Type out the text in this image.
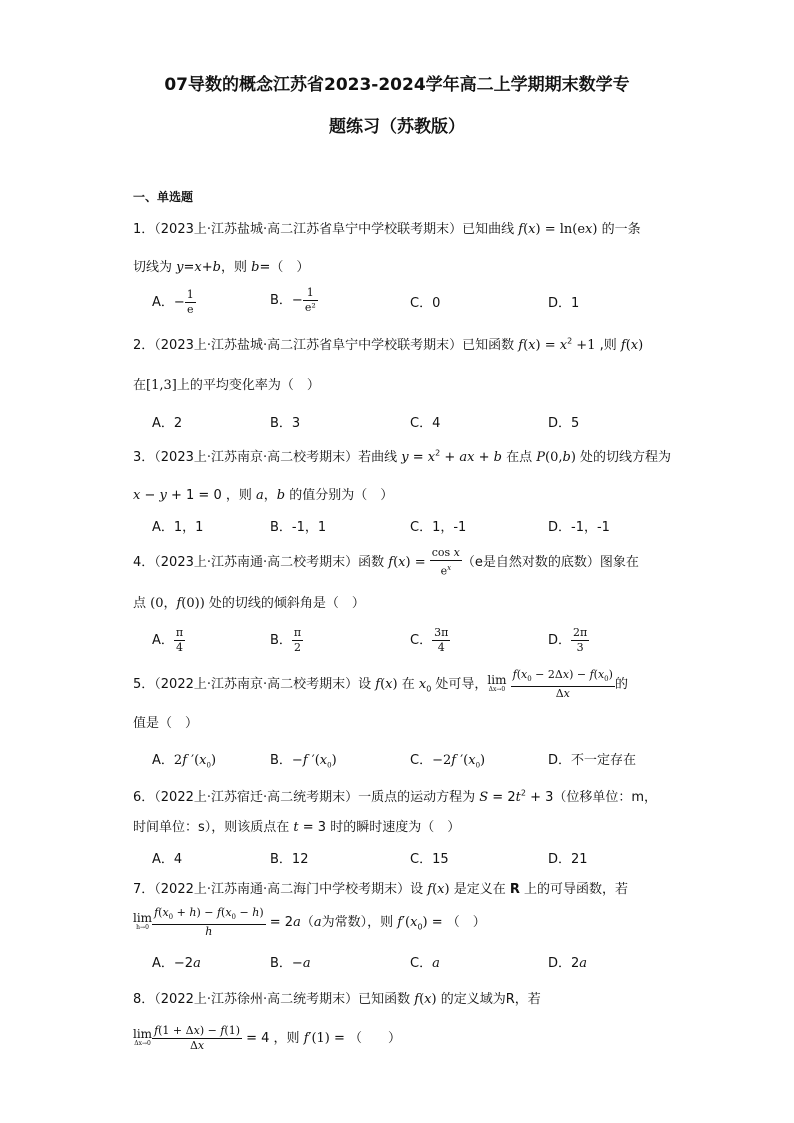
07导数的概念江苏省2023-2024学年高二上学期期末数学专
题练习（苏教版）
一、单选题
1．（2023上·江苏盐城·高二江苏省阜宁中学校联考期末）已知曲线 f(x) = ln(ex) 的一条
切线为 y=x+b，则 b=（　）
A．− $\frac{1}{e}$	B．− $\frac{1}{\text{e²}}$	C．0	D．1
2．（2023上·江苏盐城·高二江苏省阜宁中学校联考期末）已知函数 $f(x) = x^2 +1$ ,则 f(x)
在[1,3]上的平均变化率为（　）
A．2	B．3	C．4	D．5
3．（2023上·江苏南京·高二校考期末）若曲线 $y = x^2$ + ax + b 在点 P(0,b) 处的切线方程为
x − y + 1 = 0 ，则 a，b 的值分别为（　）
A．1，1	B．-1，1	C．1，-1	D．-1，-1
4．（2023上·江苏南通·高二校考期末）函数 $f(x) = \frac{\text{cos x}}{e^x} (e$是自然对数的底数）图象在
点 (0，f(0)) 处的切线的倾斜角是（　）
A． $\frac{\pi}{4}$	B． $\frac{\pi}{2}$	C． $\frac{3\pi}{4}$	D． $\frac{2\pi}{3}$
5．（2022上·江苏南京·高二校考期末）设 f(x) 在 $x_0$ 处可导，lim
Δx→0
$\frac{f(x_0 - 2\Delta x) - f(x_0)}{\Delta x}$ 的
值是（　）
A．2f $'(x_0)$	B．−f $'(x_0)$	C．−2f $'(x_0)$	D．不一定存在
6．（2022上·江苏宿迁·高二统考期末）一质点的运动方程为 $S = 2t^2 + 3$（位移单位：m，
时间单位：s），则该质点在 t = 3 时的瞬时速度为（　）
A．4	B．12	C．15	D．21
7．（2022上·江苏南通·高二海门中学校考期末）设 f(x) 是定义在 R 上的可导函数，若
lim
$h\to 0 \frac{f(x_0 + h) - f(x_0 - h)}{h} = 2a(a$为常数），则 $f'(x_0)$ = （　）
A．−2a	B．−a	C．a	D．2a
8．（2022上·江苏徐州·高二统考期末）已知函数 f(x) 的定义域为R，若
lim
$\Delta x\to 0 \frac{f(1 + \Delta x) - f(1)}{\Delta x} = 4$ ，则 f′(1) = （　　）
